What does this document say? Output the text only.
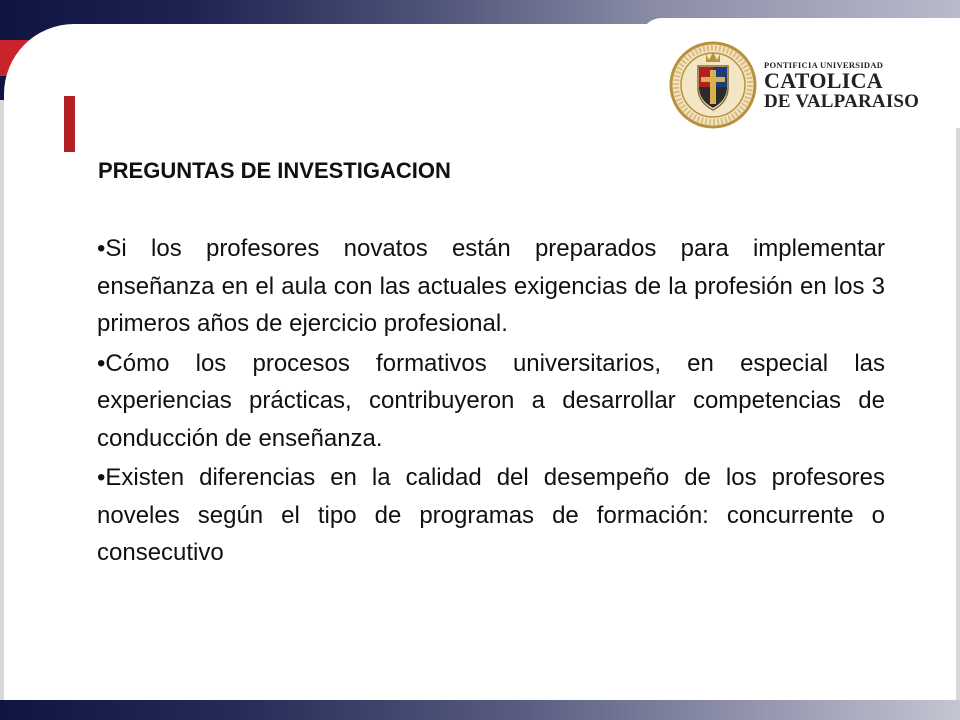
PONTIFICIA UNIVERSIDAD
CATOLICA
DE VALPARAISO
PREGUNTAS DE INVESTIGACION
•Si los profesores novatos están preparados para implementar enseñanza en el aula con las actuales exigencias de la profesión en los 3 primeros años de ejercicio profesional.
•Cómo los procesos formativos universitarios, en especial las experiencias prácticas, contribuyeron a desarrollar competencias de conducción de enseñanza.
•Existen diferencias en la calidad del desempeño de los profesores noveles según el tipo de programas de formación: concurrente o consecutivo
